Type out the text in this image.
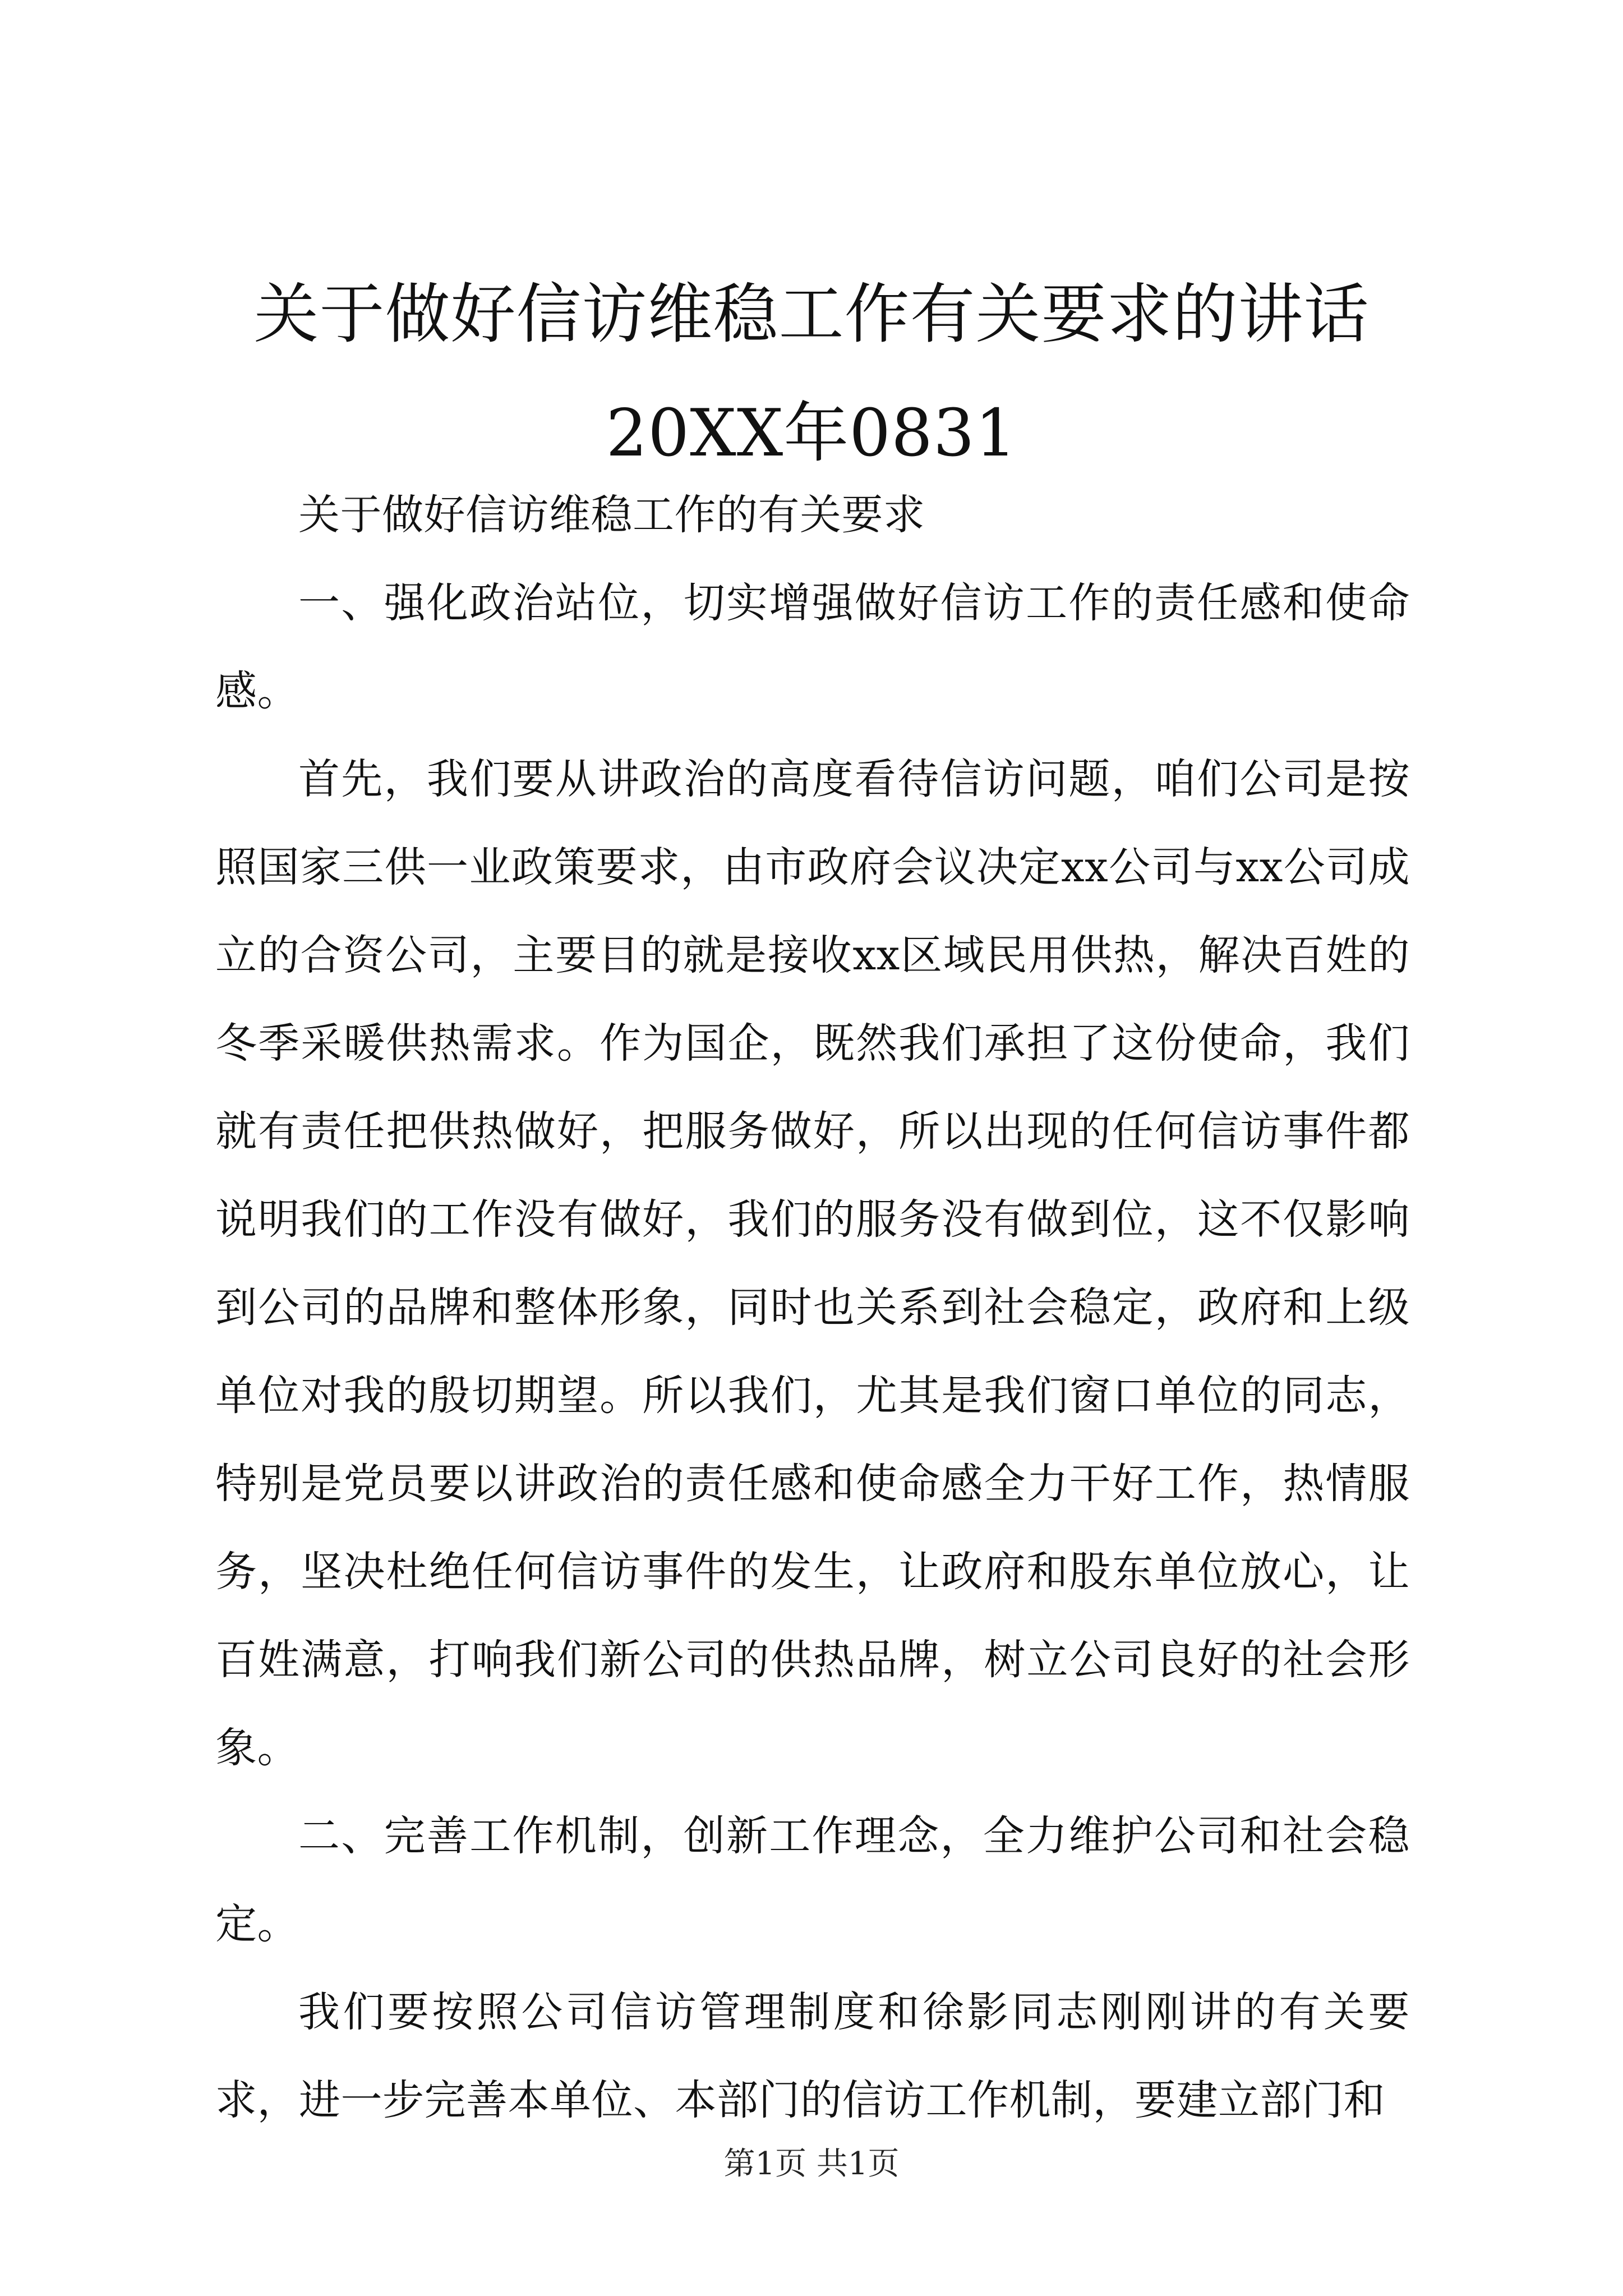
关于做好信访维稳工作有关要求的讲话20XX年0831

关于做好信访维稳工作的有关要求

一、强化政治站位，切实增强做好信访工作的责任感和使命感。

首先，我们要从讲政治的高度看待信访问题，咱们公司是按照国家三供一业政策要求，由市政府会议决定xx公司与xx公司成立的合资公司，主要目的就是接收xx区域民用供热，解决百姓的冬季采暖供热需求。作为国企，既然我们承担了这份使命，我们就有责任把供热做好，把服务做好，所以出现的任何信访事件都说明我们的工作没有做好，我们的服务没有做到位，这不仅影响到公司的品牌和整体形象，同时也关系到社会稳定，政府和上级单位对我的殷切期望。所以我们，尤其是我们窗口单位的同志，特别是党员要以讲政治的责任感和使命感全力干好工作，热情服务，坚决杜绝任何信访事件的发生，让政府和股东单位放心，让百姓满意，打响我们新公司的供热品牌，树立公司良好的社会形象。

二、完善工作机制，创新工作理念，全力维护公司和社会稳定。

我们要按照公司信访管理制度和徐影同志刚刚讲的有关要求，进一步完善本单位、本部门的信访工作机制，要建立部门和

第1页 共1页
